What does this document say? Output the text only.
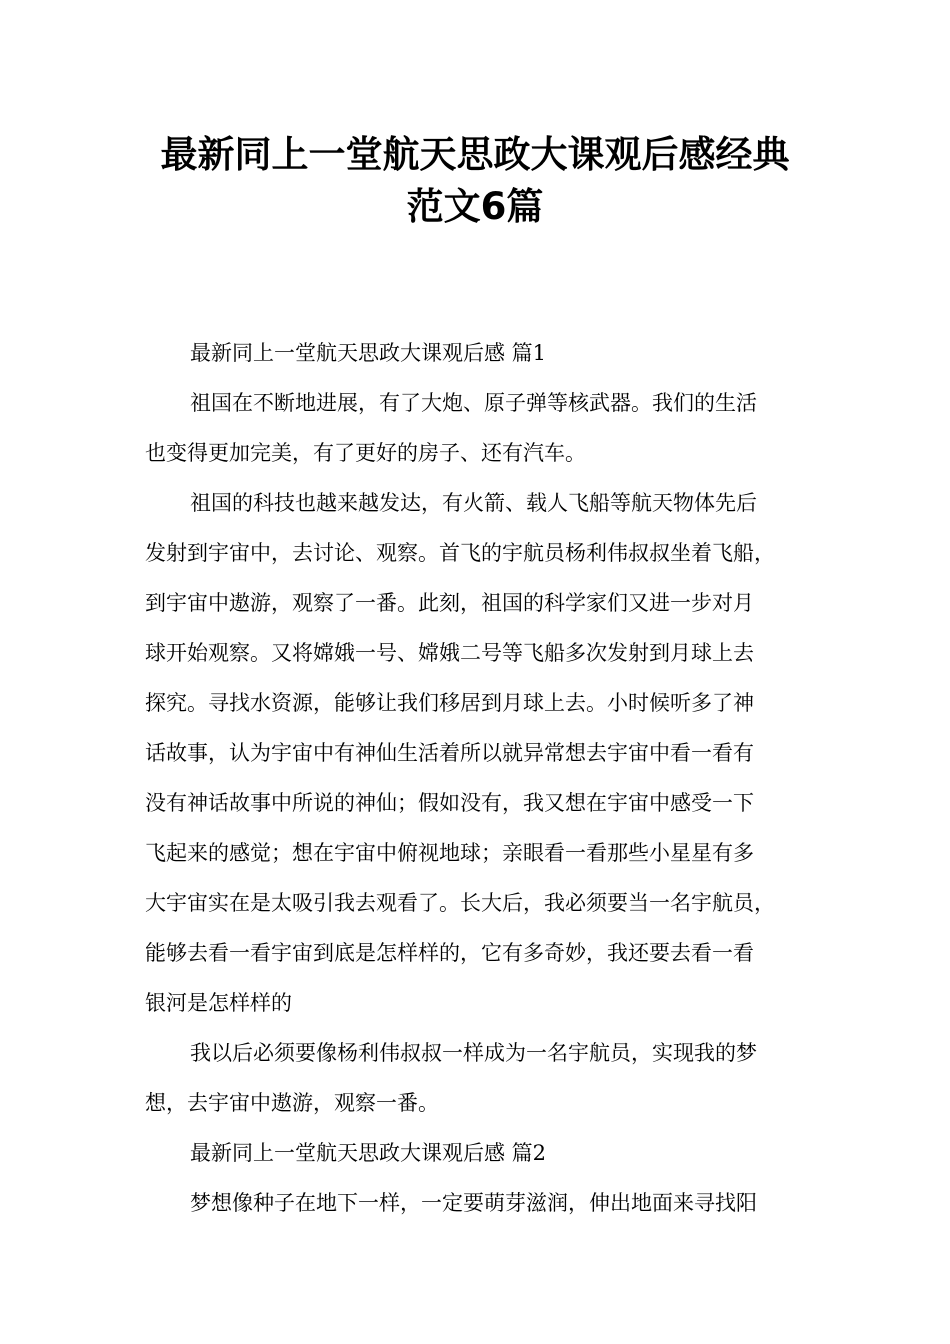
最新同上一堂航天思政大课观后感经典
范文6篇
最新同上一堂航天思政大课观后感 篇1
祖国在不断地进展，有了大炮、原子弹等核武器。我们的生活
也变得更加完美，有了更好的房子、还有汽车。
祖国的科技也越来越发达，有火箭、载人飞船等航天物体先后
发射到宇宙中，去讨论、观察。首飞的宇航员杨利伟叔叔坐着飞船，
到宇宙中遨游，观察了一番。此刻，祖国的科学家们又进一步对月
球开始观察。又将嫦娥一号、嫦娥二号等飞船多次发射到月球上去
探究。寻找水资源，能够让我们移居到月球上去。小时候听多了神
话故事，认为宇宙中有神仙生活着所以就异常想去宇宙中看一看有
没有神话故事中所说的神仙；假如没有，我又想在宇宙中感受一下
飞起来的感觉；想在宇宙中俯视地球；亲眼看一看那些小星星有多
大宇宙实在是太吸引我去观看了。长大后，我必须要当一名宇航员，
能够去看一看宇宙到底是怎样样的，它有多奇妙，我还要去看一看
银河是怎样样的
我以后必须要像杨利伟叔叔一样成为一名宇航员，实现我的梦
想，去宇宙中遨游，观察一番。
最新同上一堂航天思政大课观后感 篇2
梦想像种子在地下一样，一定要萌芽滋润，伸出地面来寻找阳
